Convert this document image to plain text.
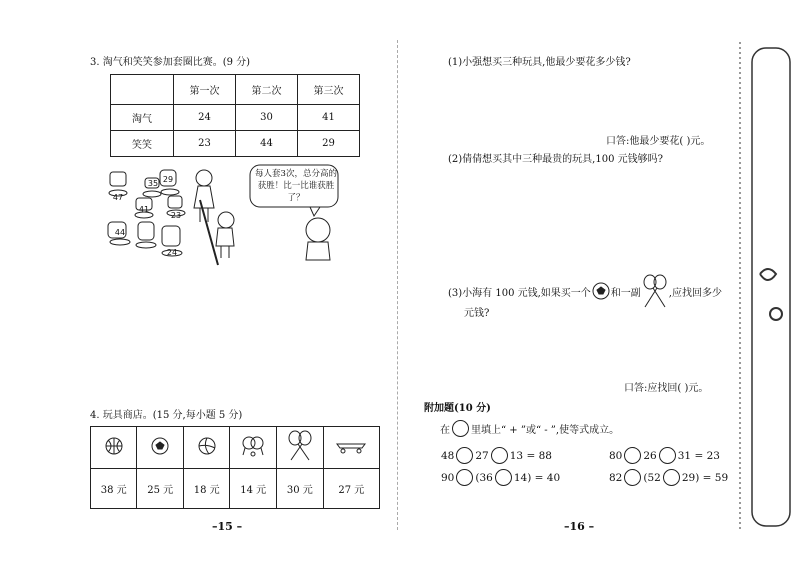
3. 淘气和笑笑参加套圈比赛。(9 分)
	第一次	第二次	第三次
淘气	24	30	41
笑笑	23	44	29
35 29
47
41
23
44
24
每人套3次，总分高的获胜！比一比谁获胜了？
4. 玩具商店。(15 分,每小题 5 分)

38 元	25 元	18 元	14 元	30 元	27 元
–15 –
(1)小强想买三种玩具,他最少要花多少钱?
口答:他最少要花( )元。
(2)倩倩想买其中三种最贵的玩具,100 元钱够吗?
(3)小海有 100 元钱,如果买一个 和一副	,应找回多少
元钱?
口答:应找回( )元。
附加题(10 分)
在 里填上“ + ”或“ - ”,使等式成立。
48 27 13 = 88	80 26 31 = 23
90 (36 14) = 40	82 (52 29) = 59
–16 –
